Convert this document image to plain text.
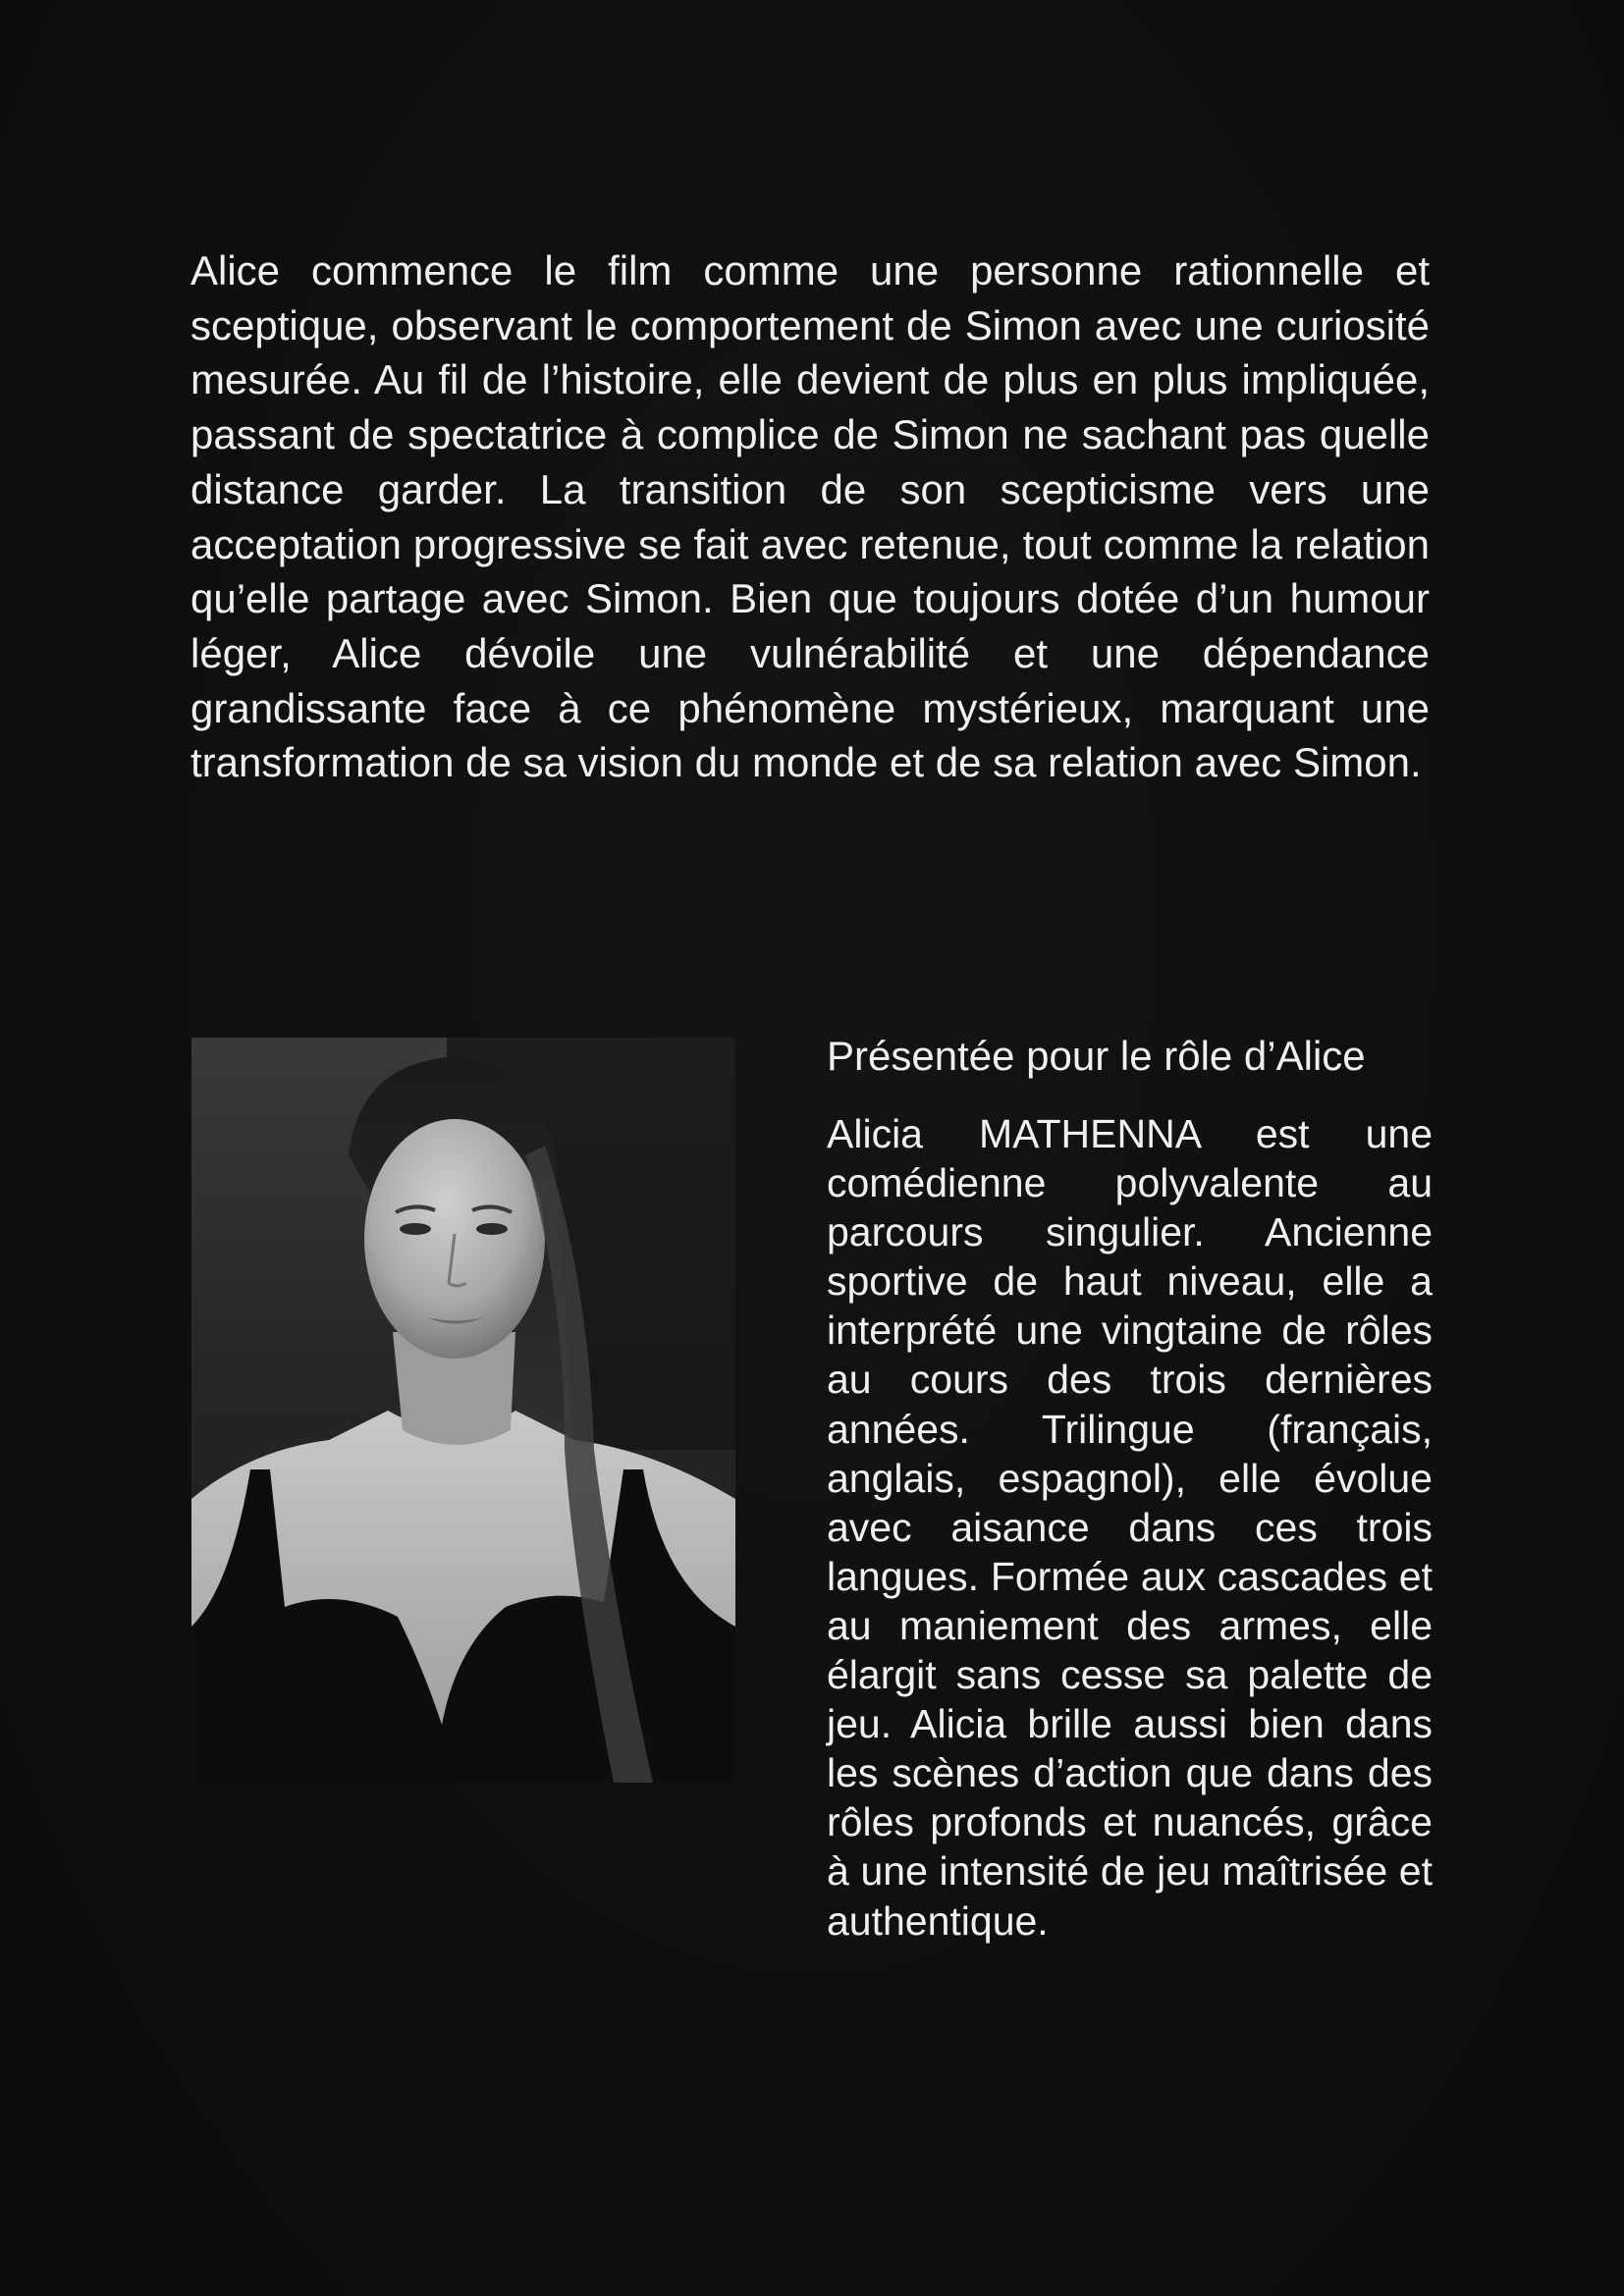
Alice commence le film comme une personne rationnelle et sceptique, observant le comportement de Simon avec une curiosité mesurée. Au fil de l’histoire, elle devient de plus en plus impliquée, passant de spectatrice à complice de Simon ne sachant pas quelle distance garder. La transition de son scepticisme vers une acceptation progressive se fait avec retenue, tout comme la relation qu’elle partage avec Simon. Bien que toujours dotée d’un humour léger, Alice dévoile une vulnérabilité et une dépendance grandissante face à ce phénomène mystérieux, marquant une transformation de sa vision du monde et de sa relation avec Simon.

Présentée pour le rôle d’Alice

Alicia MATHENNA est une comédienne polyvalente au parcours singulier. Ancienne sportive de haut niveau, elle a interprété une vingtaine de rôles au cours des trois dernières années. Trilingue (français, anglais, espagnol), elle évolue avec aisance dans ces trois langues. Formée aux cascades et au maniement des armes, elle élargit sans cesse sa palette de jeu. Alicia brille aussi bien dans les scènes d’action que dans des rôles profonds et nuancés, grâce à une intensité de jeu maîtrisée et authentique.
